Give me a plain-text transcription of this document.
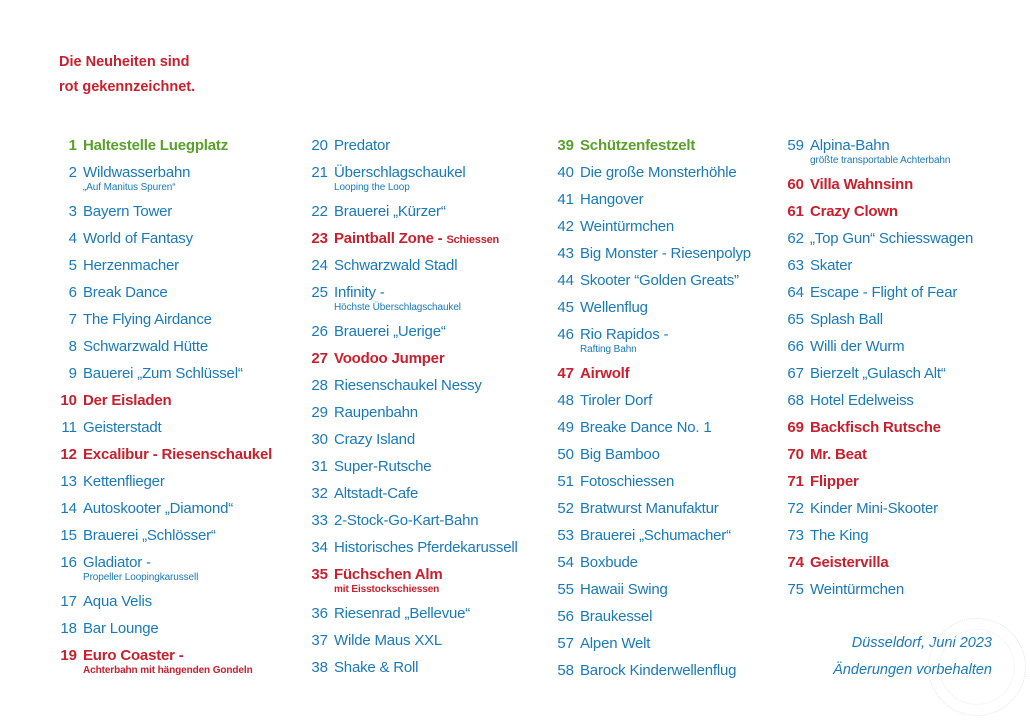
Die Neuheiten sind
rot gekennzeichnet.
1 Haltestelle Luegplatz
2 Wildwasserbahn
„Auf Manitus Spuren“
3 Bayern Tower
4 World of Fantasy
5 Herzenmacher
6 Break Dance
7 The Flying Airdance
8 Schwarzwald Hütte
9 Bauerei „Zum Schlüssel“
10 Der Eisladen
11 Geisterstadt
12 Excalibur - Riesenschaukel
13 Kettenflieger
14 Autoskooter „Diamond“
15 Brauerei „Schlösser“
16 Gladiator -
Propeller Loopingkarussell
17 Aqua Velis
18 Bar Lounge
19 Euro Coaster -
Achterbahn mit hängenden Gondeln
20 Predator
21 Überschlagschaukel
Looping the Loop
22 Brauerei „Kürzer“
23 Paintball Zone - Schiessen
24 Schwarzwald Stadl
25 Infinity -
Höchste Überschlagschaukel
26 Brauerei „Uerige“
27 Voodoo Jumper
28 Riesenschaukel Nessy
29 Raupenbahn
30 Crazy Island
31 Super-Rutsche
32 Altstadt-Cafe
33 2-Stock-Go-Kart-Bahn
34 Historisches Pferdekarussell
35 Füchschen Alm
mit Eisstockschiessen
36 Riesenrad „Bellevue“
37 Wilde Maus XXL
38 Shake & Roll
39 Schützenfestzelt
40 Die große Monsterhöhle
41 Hangover
42 Weintürmchen
43 Big Monster - Riesenpolyp
44 Skooter “Golden Greats”
45 Wellenflug
46 Rio Rapidos -
Rafting Bahn
47 Airwolf
48 Tiroler Dorf
49 Breake Dance No. 1
50 Big Bamboo
51 Fotoschiessen
52 Bratwurst Manufaktur
53 Brauerei „Schumacher“
54 Boxbude
55 Hawaii Swing
56 Braukessel
57 Alpen Welt
58 Barock Kinderwellenflug
59 Alpina-Bahn
größte transportable Achterbahn
60 Villa Wahnsinn
61 Crazy Clown
62 „Top Gun“ Schiesswagen
63 Skater
64 Escape - Flight of Fear
65 Splash Ball
66 Willi der Wurm
67 Bierzelt „Gulasch Alt“
68 Hotel Edelweiss
69 Backfisch Rutsche
70 Mr. Beat
71 Flipper
72 Kinder Mini-Skooter
73 The King
74 Geistervilla
75 Weintürmchen
Düsseldorf, Juni 2023
Änderungen vorbehalten
